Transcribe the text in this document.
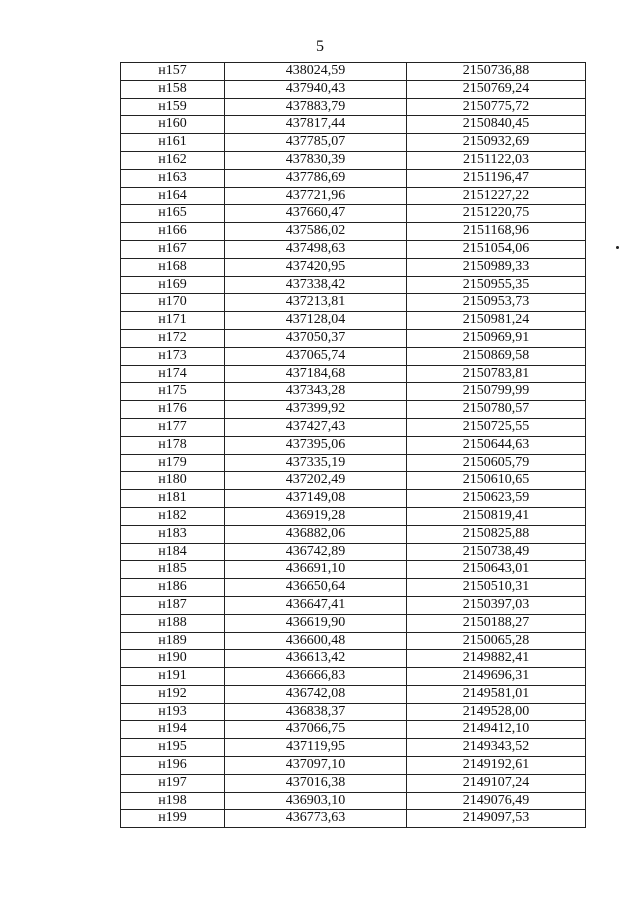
5
н157	438024,59	2150736,88
н158	437940,43	2150769,24
н159	437883,79	2150775,72
н160	437817,44	2150840,45
н161	437785,07	2150932,69
н162	437830,39	2151122,03
н163	437786,69	2151196,47
н164	437721,96	2151227,22
н165	437660,47	2151220,75
н166	437586,02	2151168,96
н167	437498,63	2151054,06
н168	437420,95	2150989,33
н169	437338,42	2150955,35
н170	437213,81	2150953,73
н171	437128,04	2150981,24
н172	437050,37	2150969,91
н173	437065,74	2150869,58
н174	437184,68	2150783,81
н175	437343,28	2150799,99
н176	437399,92	2150780,57
н177	437427,43	2150725,55
н178	437395,06	2150644,63
н179	437335,19	2150605,79
н180	437202,49	2150610,65
н181	437149,08	2150623,59
н182	436919,28	2150819,41
н183	436882,06	2150825,88
н184	436742,89	2150738,49
н185	436691,10	2150643,01
н186	436650,64	2150510,31
н187	436647,41	2150397,03
н188	436619,90	2150188,27
н189	436600,48	2150065,28
н190	436613,42	2149882,41
н191	436666,83	2149696,31
н192	436742,08	2149581,01
н193	436838,37	2149528,00
н194	437066,75	2149412,10
н195	437119,95	2149343,52
н196	437097,10	2149192,61
н197	437016,38	2149107,24
н198	436903,10	2149076,49
н199	436773,63	2149097,53
